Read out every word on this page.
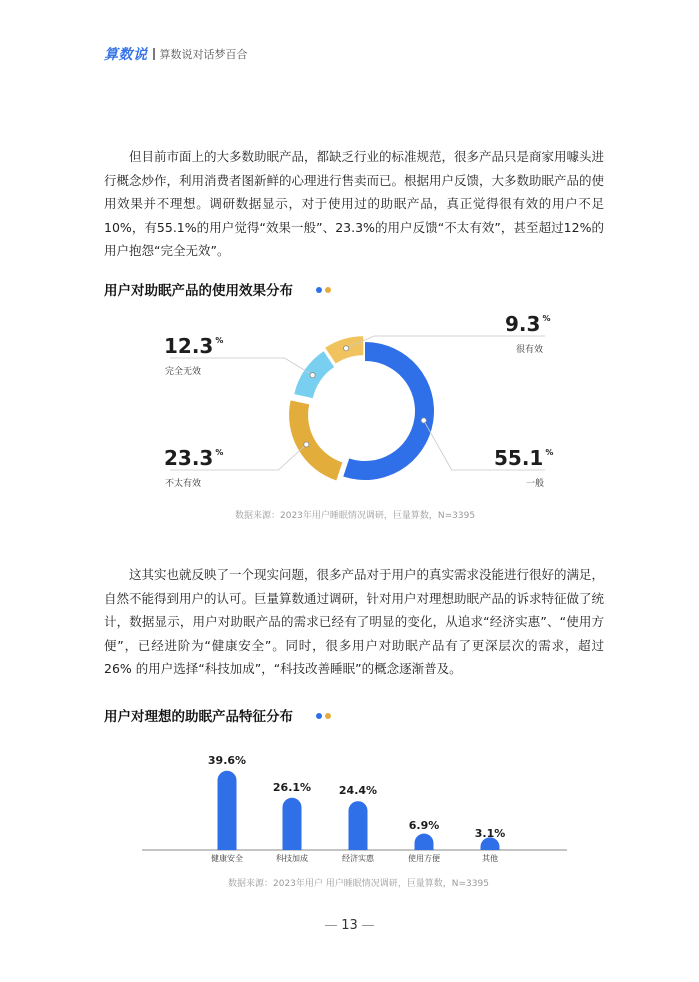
算数说 算数说对话梦百合

但目前市面上的大多数助眠产品，都缺乏行业的标准规范，很多产品只是商家用噱头进行概念炒作，利用消费者图新鲜的心理进行售卖而已。根据用户反馈，大多数助眠产品的使用效果并不理想。调研数据显示，对于使用过的助眠产品，真正觉得很有效的用户不足10%，有55.1%的用户觉得“效果一般”、23.3%的用户反馈“不太有效”，甚至超过12%的用户抱怨“完全无效”。

用户对助眠产品的使用效果分布
12.3 %
完全无效
23.3 %
不太有效
9.3 %
很有效
55.1 %
一般
数据来源：2023年用户睡眠情况调研，巨量算数，N=3395

这其实也就反映了一个现实问题，很多产品对于用户的真实需求没能进行很好的满足，自然不能得到用户的认可。巨量算数通过调研，针对用户对理想助眠产品的诉求特征做了统计，数据显示，用户对助眠产品的需求已经有了明显的变化，从追求“经济实惠”、“使用方便”，已经进阶为“健康安全”。同时，很多用户对助眠产品有了更深层次的需求，超过 26% 的用户选择“科技加成”，“科技改善睡眠”的概念逐渐普及。

用户对理想的助眠产品特征分布
39.6%
健康安全
26.1%
科技加成
24.4%
经济实惠
6.9%
使用方便
3.1%
其他
数据来源：2023年用户 用户睡眠情况调研，巨量算数，N=3395
13
